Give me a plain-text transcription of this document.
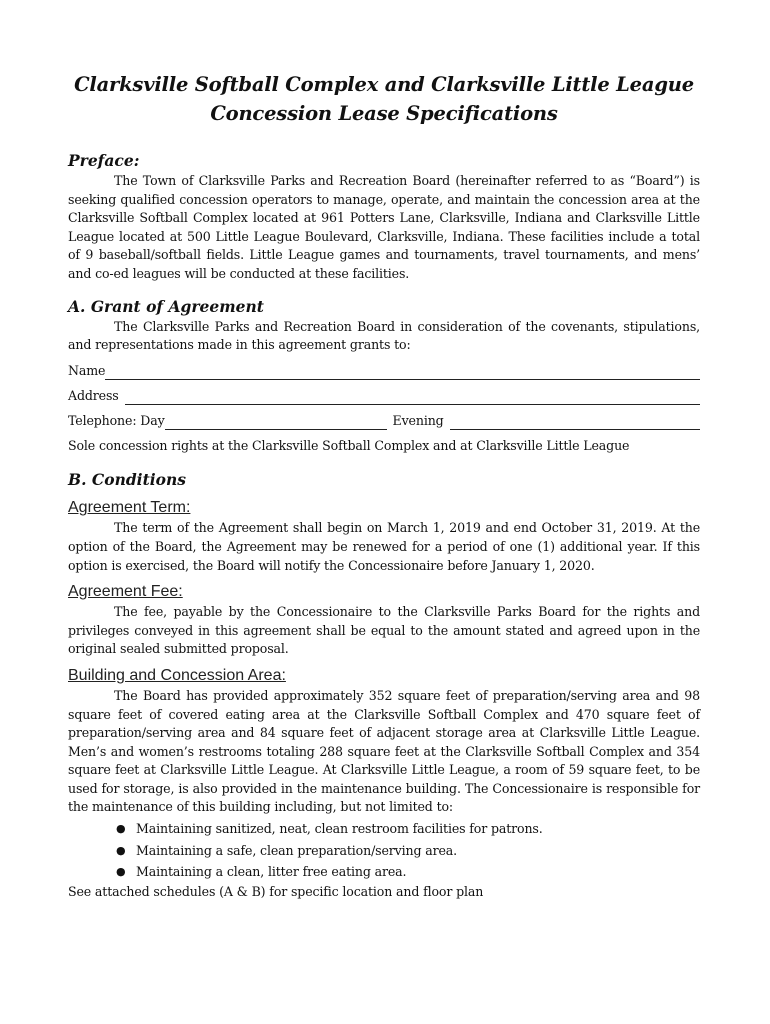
Clarksville Softball Complex and Clarksville Little League
Concession Lease Specifications
Preface:

The Town of Clarksville Parks and Recreation Board (hereinafter referred to as “Board”) is seeking qualified concession operators to manage, operate, and maintain the concession area at the Clarksville Softball Complex located at 961 Potters Lane, Clarksville, Indiana and Clarksville Little League located at 500 Little League Boulevard, Clarksville, Indiana. These facilities include a total of 9 baseball/softball fields. Little League games and tournaments, travel tournaments, and mens’ and co-ed leagues will be conducted at these facilities.

A. Grant of Agreement

The Clarksville Parks and Recreation Board in consideration of the covenants, stipulations, and representations made in this agreement grants to:

Name
Address
Telephone: Day	Evening

Sole concession rights at the Clarksville Softball Complex and at Clarksville Little League

B. Conditions
Agreement Term:

The term of the Agreement shall begin on March 1, 2019 and end October 31, 2019. At the option of the Board, the Agreement may be renewed for a period of one (1) additional year. If this option is exercised, the Board will notify the Concessionaire before January 1, 2020.

Agreement Fee:

The fee, payable by the Concessionaire to the Clarksville Parks Board for the rights and privileges conveyed in this agreement shall be equal to the amount stated and agreed upon in the original sealed submitted proposal.

Building and Concession Area:

The Board has provided approximately 352 square feet of preparation/serving area and 98 square feet of covered eating area at the Clarksville Softball Complex and 470 square feet of preparation/serving area and 84 square feet of adjacent storage area at Clarksville Little League. Men’s and women’s restrooms totaling 288 square feet at the Clarksville Softball Complex and 354 square feet at Clarksville Little League. At Clarksville Little League, a room of 59 square feet, to be used for storage, is also provided in the maintenance building. The Concessionaire is responsible for the maintenance of this building including, but not limited to:

● Maintaining sanitized, neat, clean restroom facilities for patrons.
● Maintaining a safe, clean preparation/serving area.
● Maintaining a clean, litter free eating area.

See attached schedules (A & B) for specific location and floor plan
